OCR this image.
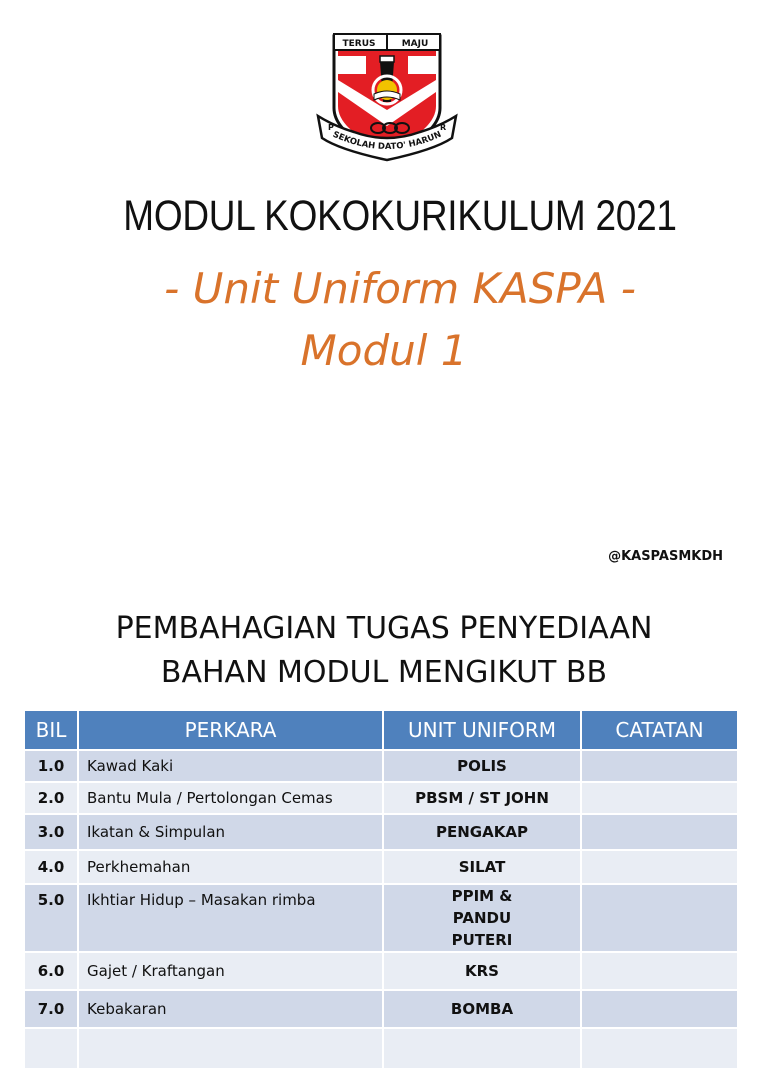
TERUS	MAJU
P	R
SEKOLAH DATO' HARUN
MODUL KOKOKURIKULUM 2021
- Unit Uniform KASPA -
Modul 1
@KASPASMKDH
PEMBAHAGIAN TUGAS PENYEDIAAN
BAHAN MODUL MENGIKUT BB
BIL	PERKARA	UNIT UNIFORM	CATATAN
1.0	Kawad Kaki	POLIS	
2.0	Bantu Mula / Pertolongan Cemas	PBSM / ST JOHN	
3.0	Ikatan & Simpulan	PENGAKAP	
4.0	Perkhemahan	SILAT	
5.0	Ikhtiar Hidup – Masakan rimba	PPIM & PANDU PUTERI	
6.0	Gajet / Kraftangan	KRS	
7.0	Kebakaran	BOMBA	
